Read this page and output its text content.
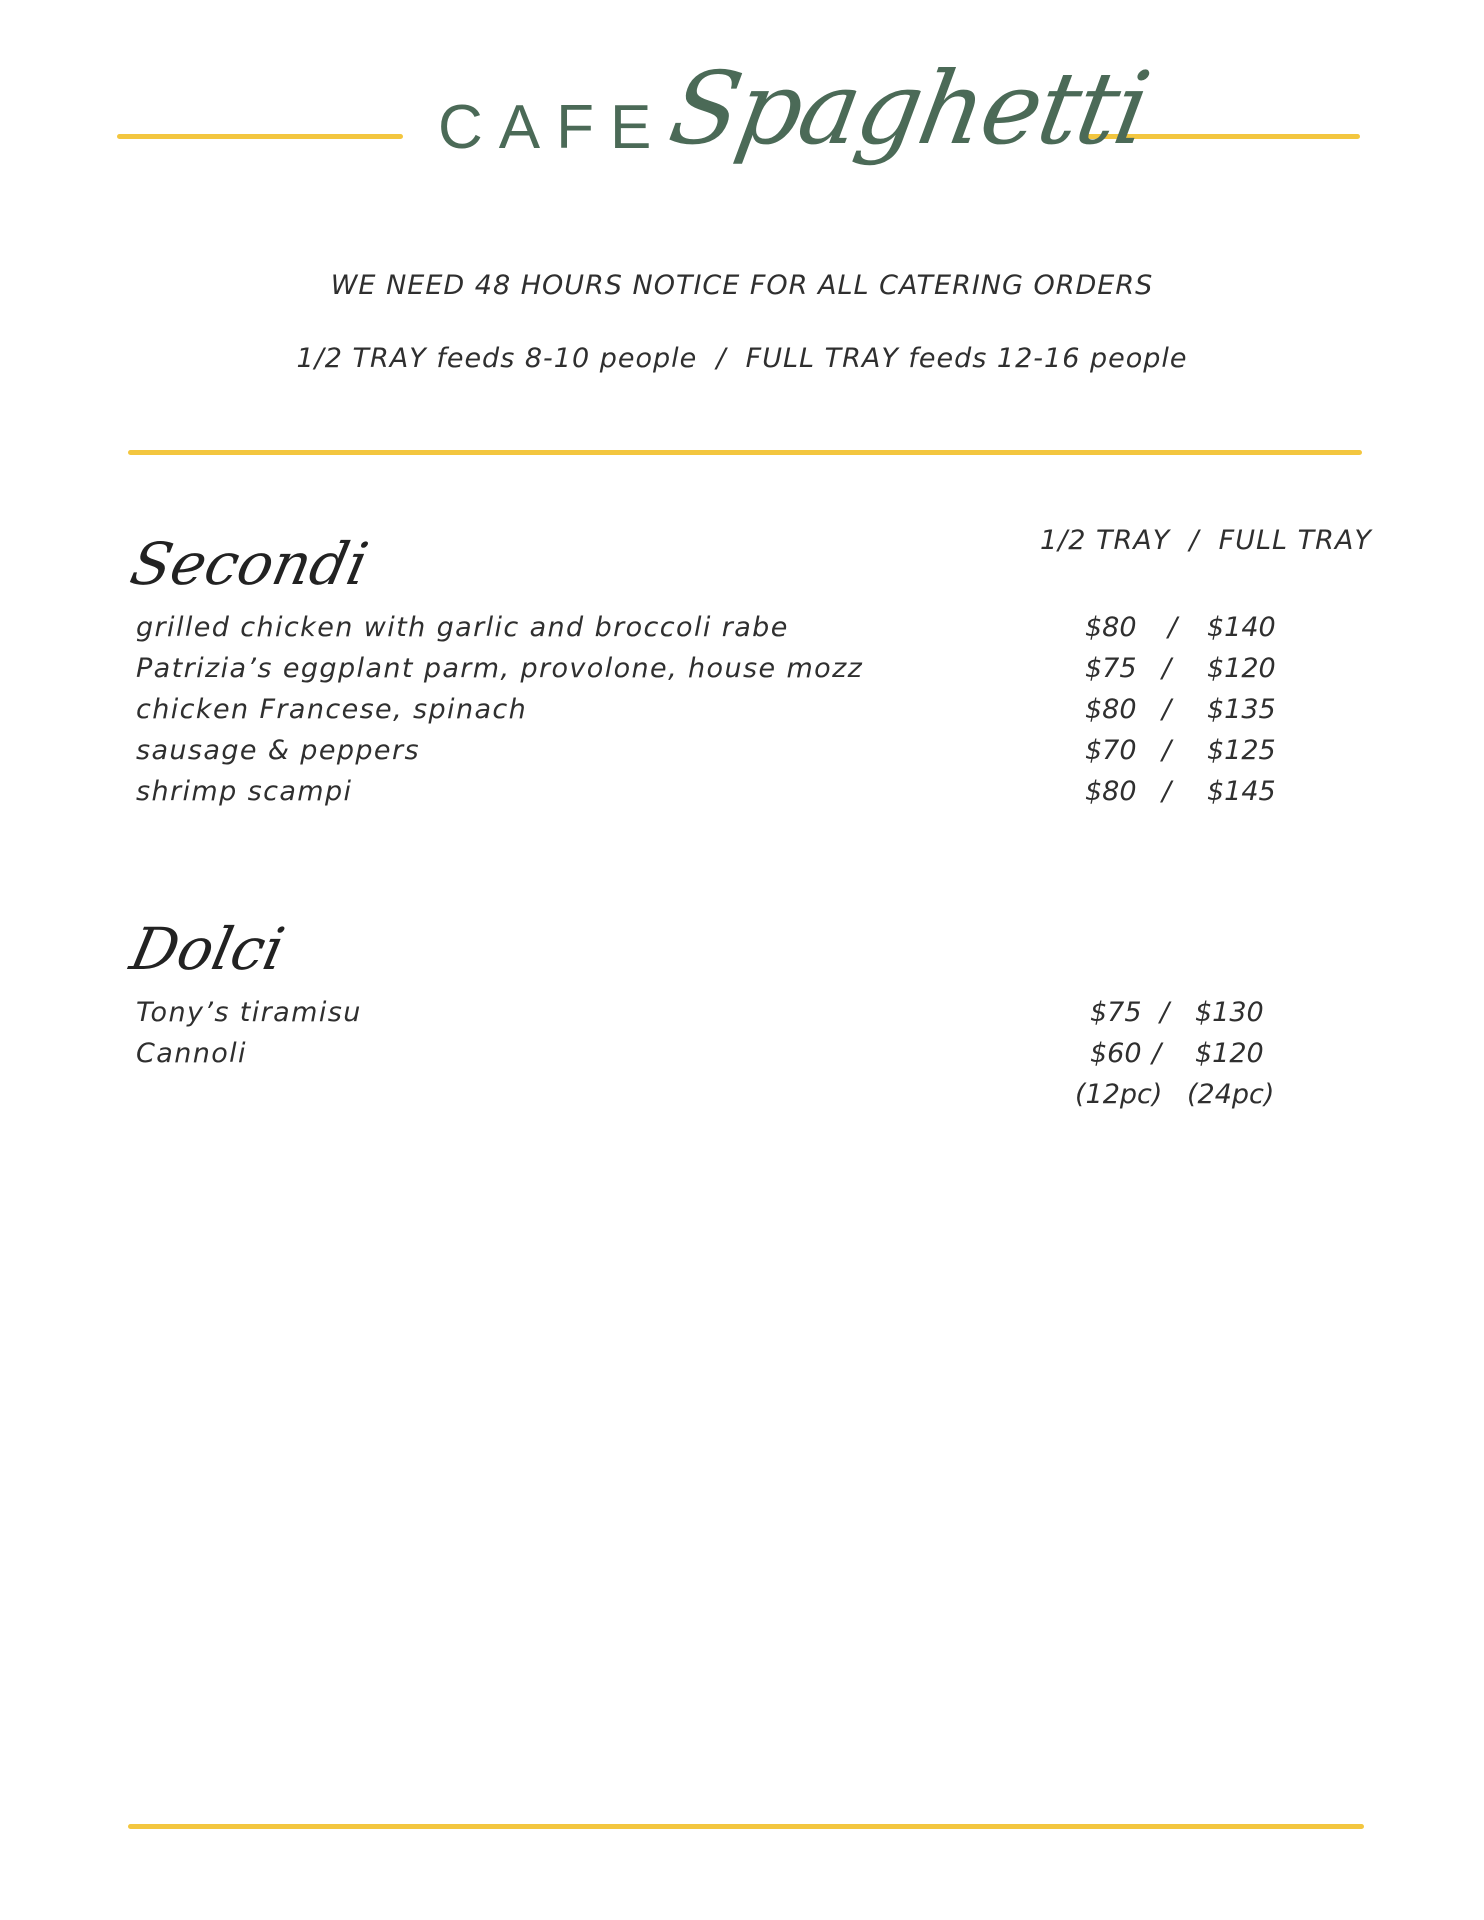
CAFE
Spaghetti
WE NEED 48 HOURS NOTICE FOR ALL CATERING ORDERS
1/2 TRAY feeds 8-10 people  /  FULL TRAY feeds 12-16 people
1/2 TRAY  /  FULL TRAY
Secondi
grilled chicken with garlic and broccoli rabe	$80 / $140
Patrizia’s eggplant parm, provolone, house mozz	$75 / $120
chicken Francese, spinach	$80 / $135
sausage & peppers	$70 / $125
shrimp scampi	$80 / $145
Dolci
Tony’s tiramisu	$75 / $130
Cannoli	$60 / $120
(12pc) (24pc)
